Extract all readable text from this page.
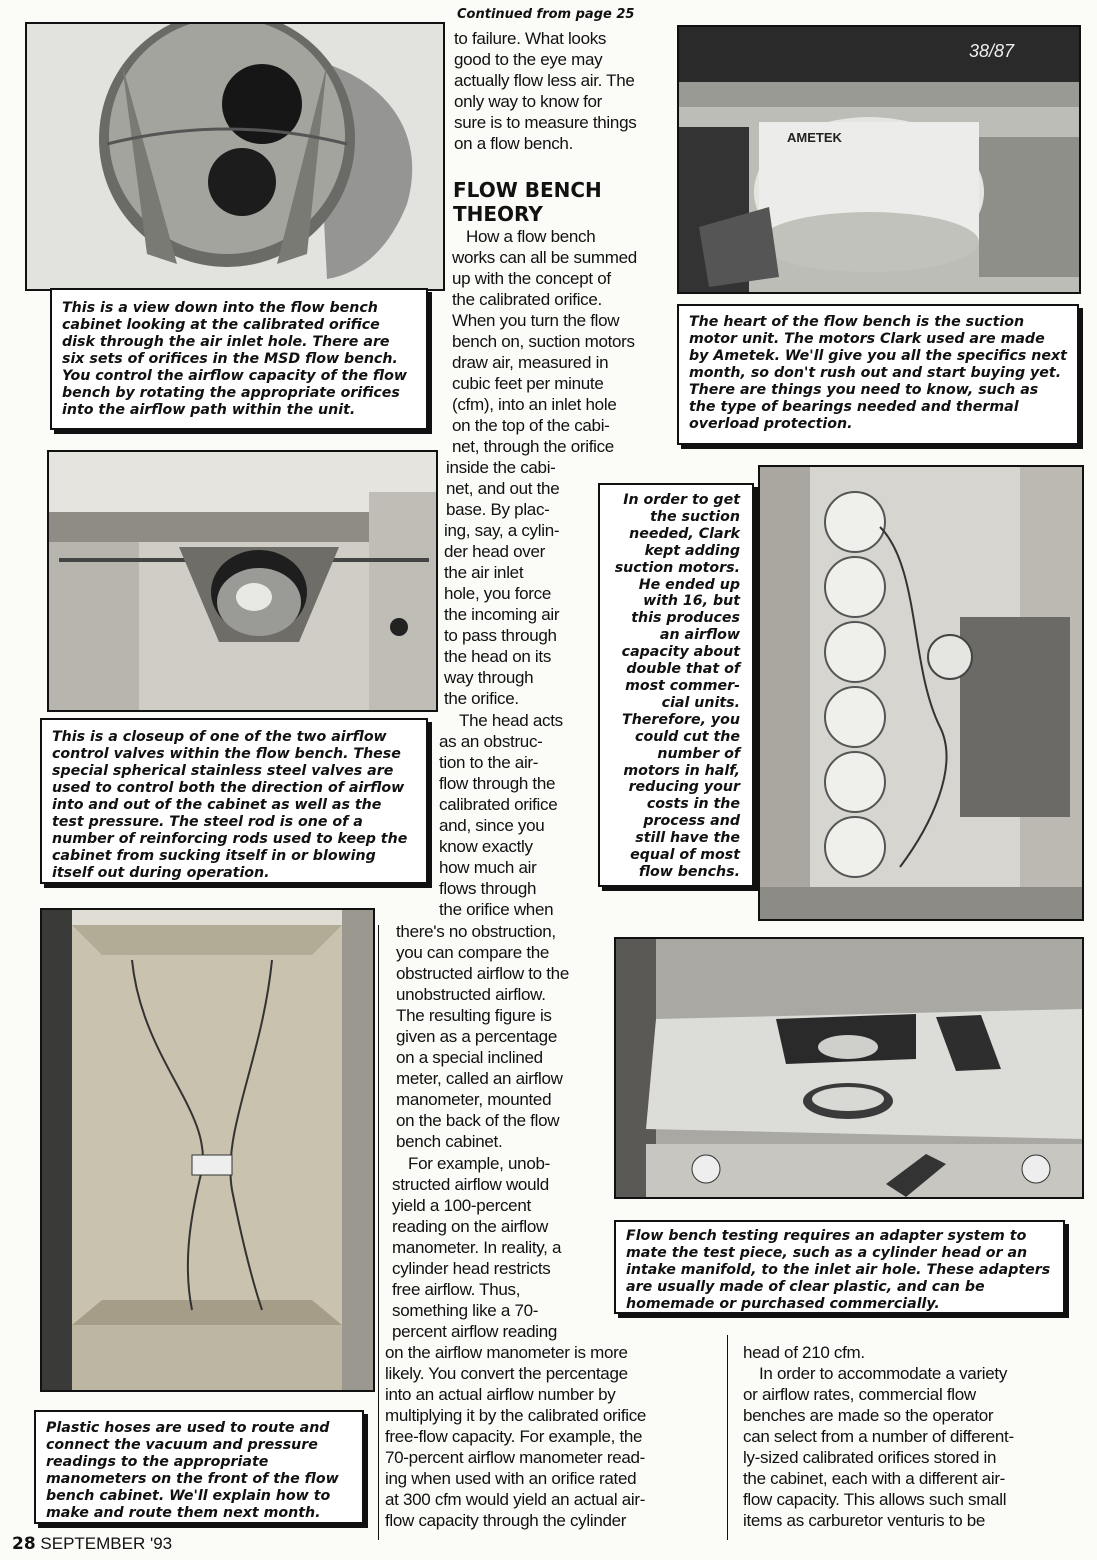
AMETEK
38/87

This is a view down into the flow bench cabinet looking at the calibrated orifice disk through the air inlet hole. There are six sets of orifices in the MSD flow bench. You control the airflow capacity of the flow bench by rotating the appropriate orifices into the airflow path within the unit.

The heart of the flow bench is the suction motor unit. The motors Clark used are made by Ametek. We'll give you all the specifics next month, so don't rush out and start buying yet. There are things you need to know, such as the type of bearings needed and thermal overload protection.

This is a closeup of one of the two airflow control valves within the flow bench. These special spherical stainless steel valves are used to control both the direction of airflow into and out of the cabinet as well as the test pressure. The steel rod is one of a number of reinforcing rods used to keep the cabinet from sucking itself in or blowing itself out during operation.

In order to get
the suction
needed, Clark
kept adding
suction motors.
He ended up
with 16, but
this produces
an airflow
capacity about
double that of
most commer-
cial units.
Therefore, you
could cut the
number of
motors in half,
reducing your
costs in the
process and
still have the
equal of most
flow benchs.

Flow bench testing requires an adapter system to mate the test piece, such as a cylinder head or an intake manifold, to the inlet air hole. These adapters are usually made of clear plastic, and can be homemade or purchased commercially.

Plastic hoses are used to route and connect the vacuum and pressure readings to the appropriate manometers on the front of the flow bench cabinet. We'll explain how to make and route them next month.

Continued from page 25

to failure. What looks

good to the eye may

actually flow less air. The

only way to know for

sure is to measure things

on a flow bench.

FLOW BENCH
THEORY

How a flow bench

works can all be summed

up with the concept of

the calibrated orifice.

When you turn the flow

bench on, suction motors

draw air, measured in

cubic feet per minute

(cfm), into an inlet hole

on the top of the cabi-

net, through the orifice

inside the cabi-

net, and out the

base. By plac-

ing, say, a cylin-

der head over

the air inlet

hole, you force

the incoming air

to pass through

the head on its

way through

the orifice.

The head acts

as an obstruc-

tion to the air-

flow through the

calibrated orifice

and, since you

know exactly

how much air

flows through

the orifice when

there's no obstruction,

you can compare the

obstructed airflow to the

unobstructed airflow.

The resulting figure is

given as a percentage

on a special inclined

meter, called an airflow

manometer, mounted

on the back of the flow

bench cabinet.

For example, unob-

structed airflow would

yield a 100-percent

reading on the airflow

manometer. In reality, a

cylinder head restricts

free airflow. Thus,

something like a 70-

percent airflow reading

on the airflow manometer is more

likely. You convert the percentage

into an actual airflow number by

multiplying it by the calibrated orifice

free-flow capacity. For example, the

70-percent airflow manometer read-

ing when used with an orifice rated

at 300 cfm would yield an actual air-

flow capacity through the cylinder

head of 210 cfm.

In order to accommodate a variety

or airflow rates, commercial flow

benches are made so the operator

can select from a number of different-

ly-sized calibrated orifices stored in

the cabinet, each with a different air-

flow capacity. This allows such small

items as carburetor venturis to be

28 SEPTEMBER '93
